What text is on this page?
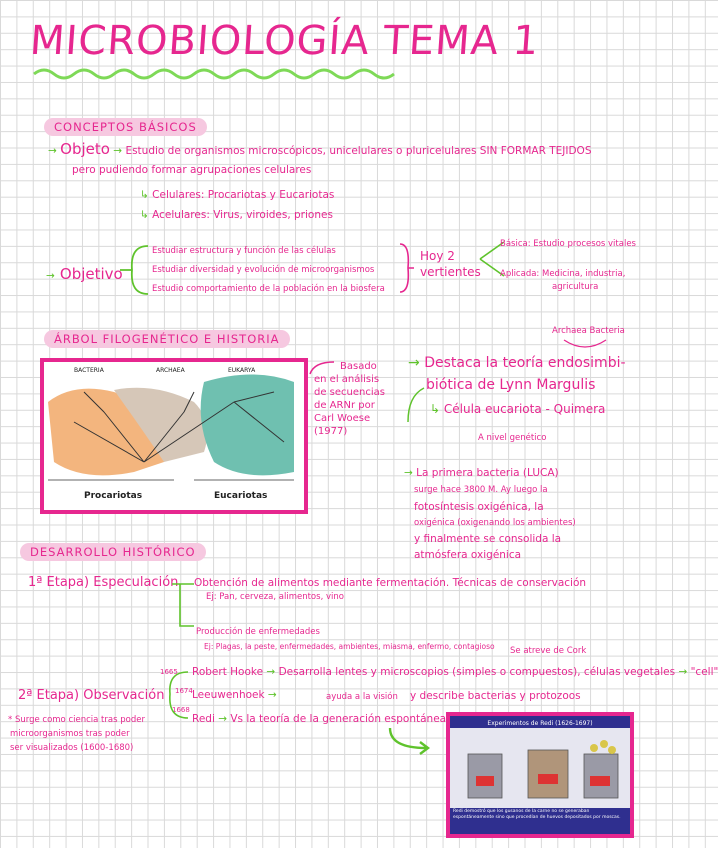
MICROBIOLOGÍA TEMA 1
CONCEPTOS BÁSICOS
→ Objeto → Estudio de organismos microscópicos, unicelulares o pluricelulares SIN FORMAR TEJIDOS
pero pudiendo formar agrupaciones celulares
↳ Celulares: Procariotas y Eucariotas
↳ Acelulares: Virus, viroides, priones
→ Objetivo
Estudiar estructura y función de las células
Estudiar diversidad y evolución de microorganismos
Estudio comportamiento de la población en la biosfera
Hoy 2 vertientes
Básica: Estudio procesos vitales
Aplicada: Medicina, industria,
agricultura
ÁRBOL FILOGENÉTICO E HISTORIA
BACTERIA	ARCHAEA	EUKARYA
Procariotas	Eucariotas
Basado
en el análisis
de secuencias
de ARNr por
Carl Woese
(1977)
Archaea Bacteria
→ Destaca la teoría endosimbi-
biótica de Lynn Margulis
↳ Célula eucariota - Quimera
A nivel genético
→ La primera bacteria (LUCA)
surge hace 3800 M. Ay luego la
fotosíntesis oxigénica, la
oxigénica (oxigenando los ambientes)
y finalmente se consolida la
atmósfera oxigénica
DESARROLLO HISTÓRICO
1ª Etapa) Especulación Obtención de alimentos mediante fermentación. Técnicas de conservación
Ej: Pan, cerveza, alimentos, vino
Producción de enfermedades
Ej: Plagas, la peste, enfermedades, ambientes, miasma, enfermo, contagioso Se atreve de Cork
1665
1674
1668
Robert Hooke → Desarrolla lentes y microscopios (simples o compuestos), células vegetales → "cell"
Leeuwenhoek →	ayuda a la visión y describe bacterias y protozoos
Redi → Vs la teoría de la generación espontánea
2ª Etapa) Observación
* Surge como ciencia tras poder
microorganismos tras poder
ser visualizados (1600-1680)
Experimentos de Redi (1626-1697)
Redi demostró que los gusanos de la carne no se generaban espontáneamente sino que procedían de huevos depositados por moscas.
